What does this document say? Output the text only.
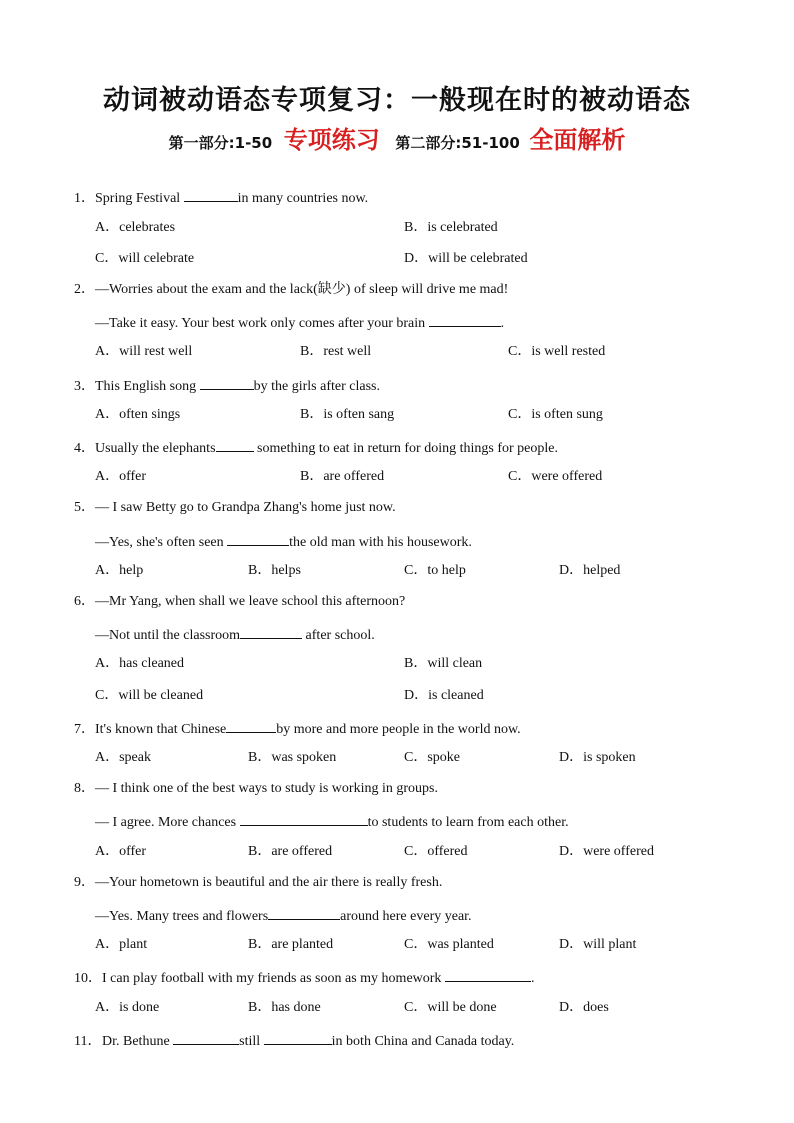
动词被动语态专项复习：一般现在时的被动语态
第一部分:1-50 专项练习 第二部分:51-100 全面解析
1．Spring Festival	in many countries now.
A．celebrates	B．is celebrated
C．will celebrate	D．will be celebrated
2．—Worries about the exam and the lack(缺少) of sleep will drive me mad!
—Take it easy. Your best work only comes after your brain	.
A．will rest well	B．rest well	C．is well rested
3．This English song	by the girls after class.
A．often sings	B．is often sang	C．is often sung
4．Usually the elephants	something to eat in return for doing things for people.
A．offer	B．are offered	C．were offered
5．— I saw Betty go to Grandpa Zhang's home just now.
—Yes, she's often seen	the old man with his housework.
A．help	B．helps	C．to help	D．helped
6．—Mr Yang, when shall we leave school this afternoon?
—Not until the classroom	after school.
A．has cleaned	B．will clean
C．will be cleaned	D．is cleaned
7．It's known that Chinese	by more and more people in the world now.
A．speak	B．was spoken	C．spoke	D．is spoken
8．— I think one of the best ways to study is working in groups.
— I agree. More chances	to students to learn from each other.
A．offer	B．are offered	C．offered	D．were offered
9．—Your hometown is beautiful and the air there is really fresh.
—Yes. Many trees and flowers	around here every year.
A．plant	B．are planted	C．was planted	D．will plant
10．I can play football with my friends as soon as my homework	.
A．is done	B．has done	C．will be done	D．does
11．Dr. Bethune	still	in both China and Canada today.
